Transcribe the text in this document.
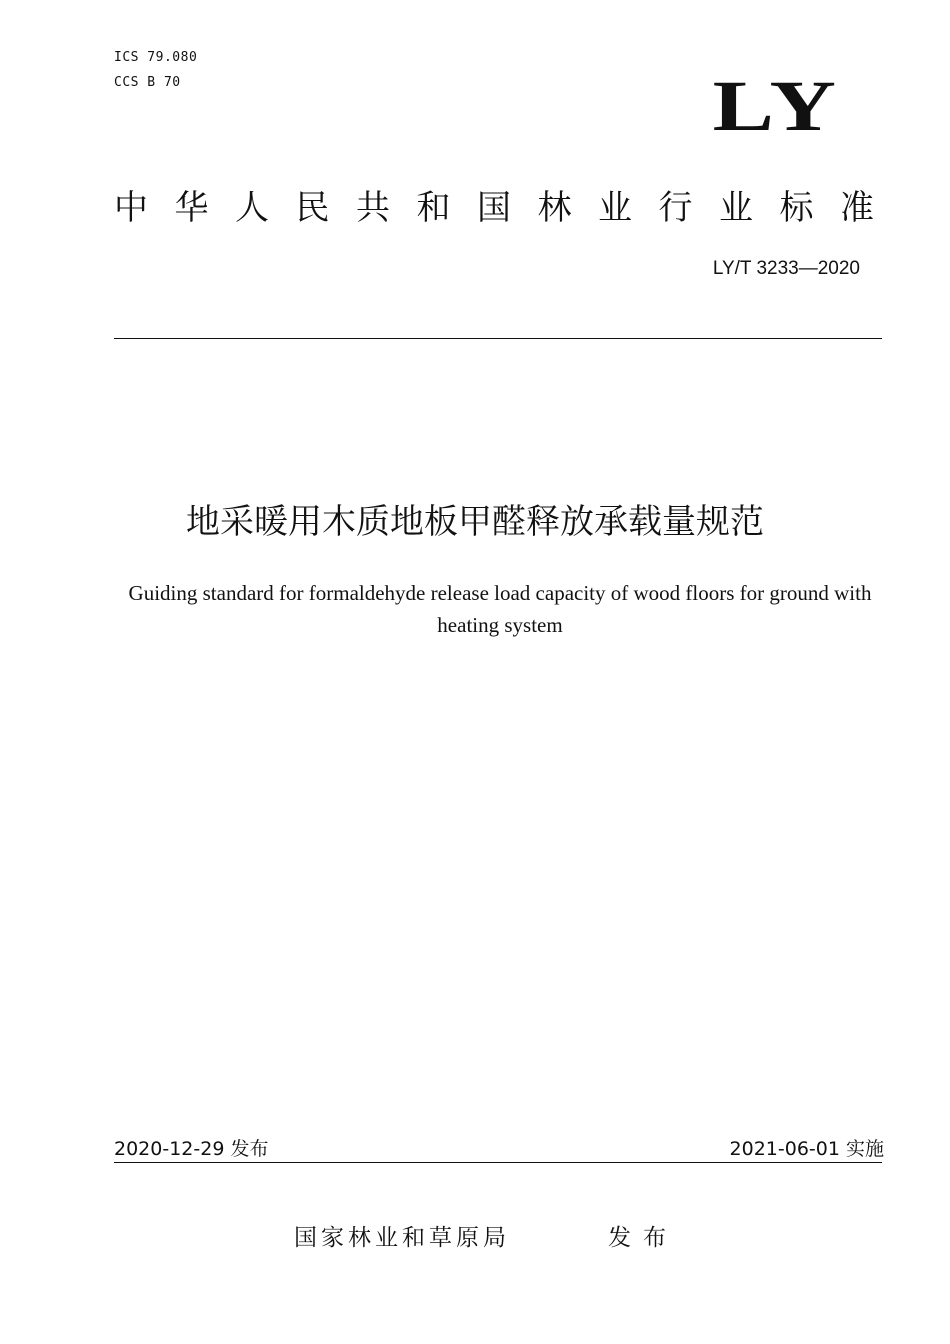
ICS 79.080
CCS B 70	LY
中华人民共和国林业行业标准
LY/T 3233—2020
地采暖用木质地板甲醛释放承载量规范
Guiding standard for formaldehyde release load capacity of wood floors for ground with heating system
2020-12-29 发布	2021-06-01 实施
国家林业和草原局	发布
